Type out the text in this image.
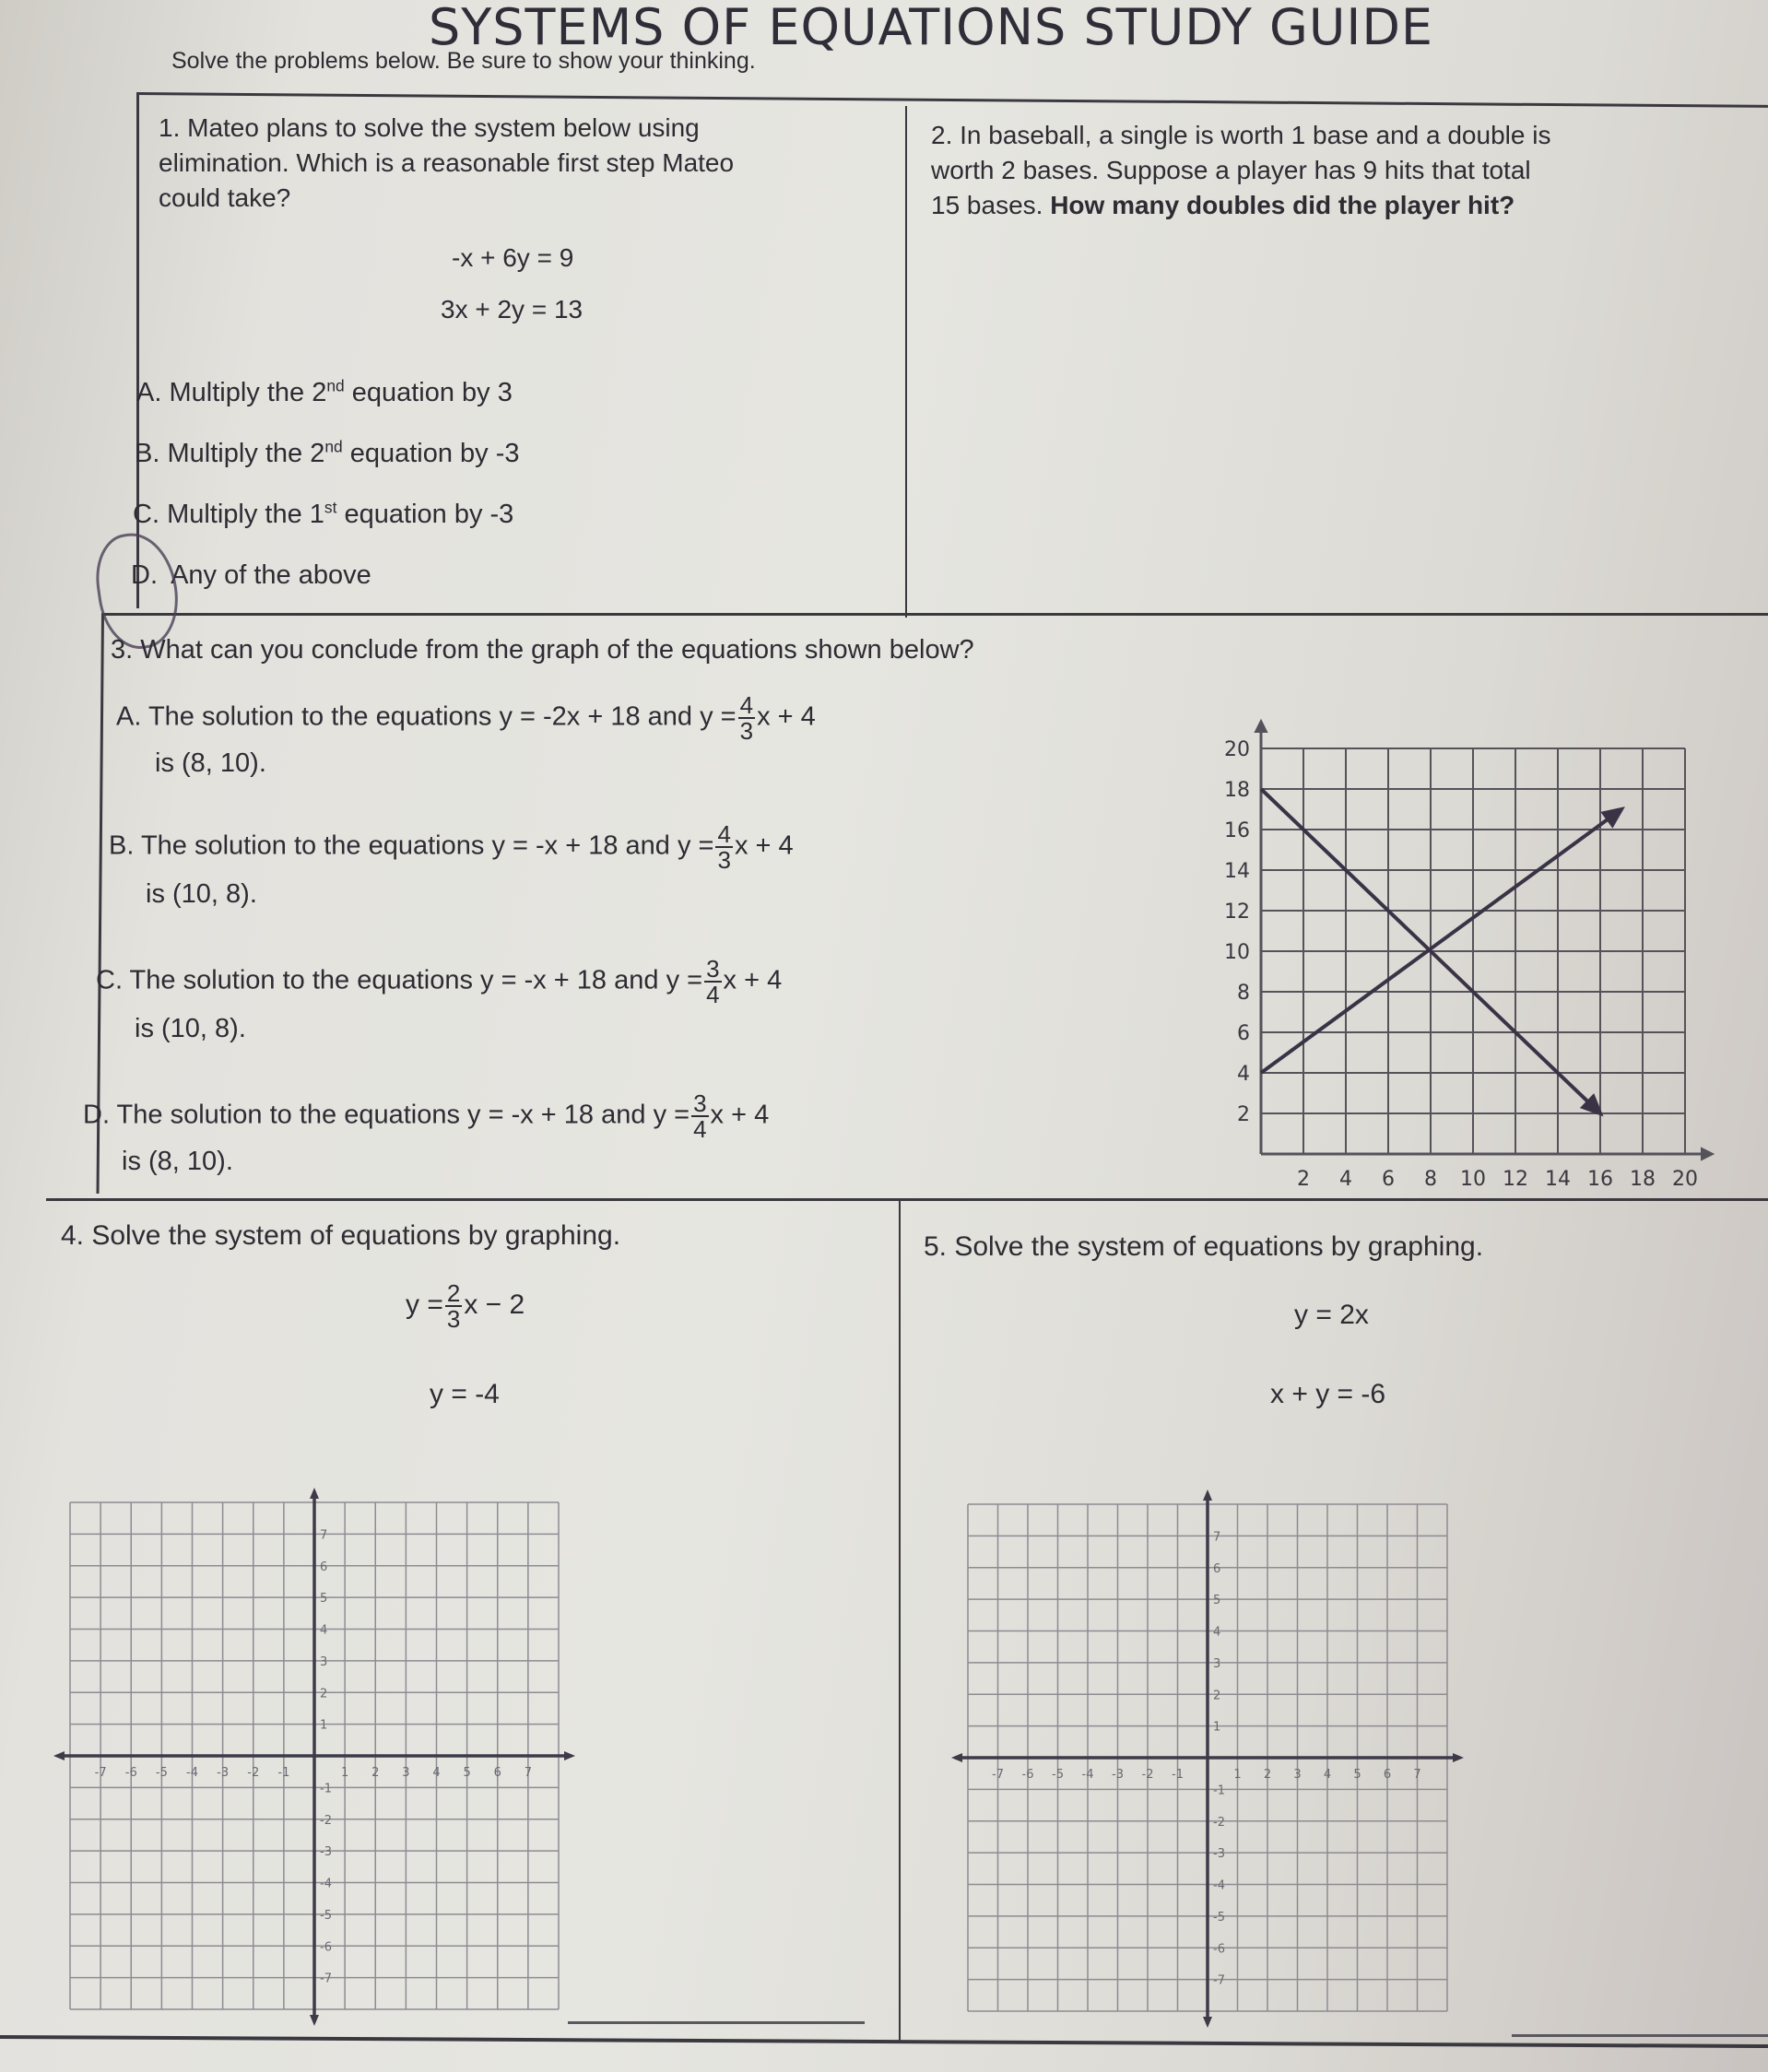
SYSTEMS OF EQUATIONS STUDY GUIDE
Solve the problems below. Be sure to show your thinking.
1. Mateo plans to solve the system below using
elimination. Which is a reasonable first step Mateo
could take?
-x + 6y = 9
3x + 2y = 13
A. Multiply the 2nd equation by 3
B. Multiply the 2nd equation by -3
C. Multiply the 1st equation by -3
D. Any of the above
2. In baseball, a single is worth 1 base and a double is
worth 2 bases. Suppose a player has 9 hits that total
15 bases. How many doubles did the player hit?
3. What can you conclude from the graph of the equations shown below?
A. The solution to the equations y = -2x + 18 and $y = \frac{4}{3}$ x + 4
is (8, 10).
B. The solution to the equations y = -x + 18 and $y = \frac{4}{3}$ x + 4
is (10, 8).
C. The solution to the equations y = -x + 18 and $y = \frac{3}{4}$ x + 4
is (10, 8).
D. The solution to the equations y = -x + 18 and $y = \frac{3}{4}$ x + 4
is (8, 10).
2
4
6
8
10
12
14
16
18
20
2 4 6 8 10 12 14 16 18 20
4. Solve the system of equations by graphing.
$y = \frac{2}{3}$ x − 2
y = -4
5. Solve the system of equations by graphing.
y = 2x
x + y = -6
-7 -6 -5 -4 -3 -2 -1	1 2 3 4 5 6 7
7
6
5
4
3
2
1
-1
-2
-3
-4
-5
-6
-7
-7 -6 -5 -4 -3 -2 -1	1 2 3 4 5 6 7
7
6
5
4
3
2
1
-1
-2
-3
-4
-5
-6
-7
